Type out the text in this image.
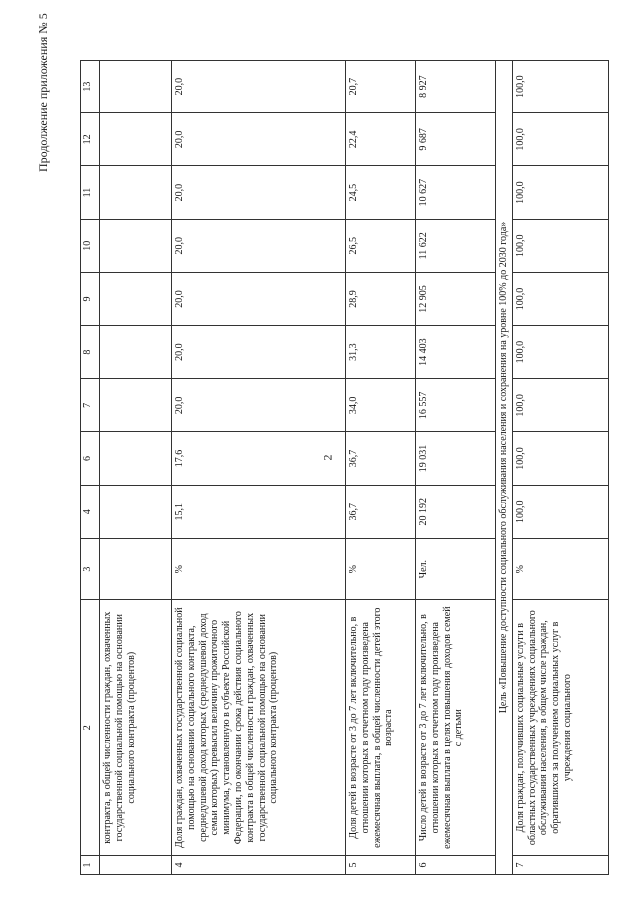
2
Продолжение приложения № 5
1	2	3	4	6	7	8	9	10	11	12	13
	контракта, в общей численности граждан, охваченных государственной социальной помощью на основании социального контракта (процентов)										
4	Доля граждан, охваченных государственной социальной помощью на основании социального контракта, среднедушевой доход которых (среднедушевой доход семьи которых) превысил величину прожиточного минимума, установленную в субъекте Российской Федерации, по окончании срока действия социального контракта в общей численности граждан, охваченных государственной социальной помощью на основании социального контракта (процентов)	%	15,1	17,6	20,0	20,0	20,0	20,0	20,0	20,0	20,0
5	Доля детей в возрасте от 3 до 7 лет включительно, в отношении которых в отчетном году произведена ежемесячная выплата, в общей численности детей этого возраста	%	36,7	36,7	34,0	31,3	28,9	26,5	24,5	22,4	20,7
6	Число детей в возрасте от 3 до 7 лет включительно, в отношении которых в отчетном году произведена ежемесячная выплата в целях повышения доходов семей с детьми	Чел.	20 192	19 031	16 557	14 403	12 905	11 622	10 627	9 687	8 927
Цель «Повышение доступности социального обслуживания населения и сохранения на уровне 100% до 2030 года»											
7	Доля граждан, получивших социальные услуги в областных государственных учреждениях социального обслуживания населения, в общем числе граждан, обратившихся за получением социальных услуг в учреждения социального	%	100,0	100,0	100,0	100,0	100,0	100,0	100,0	100,0	100,0
